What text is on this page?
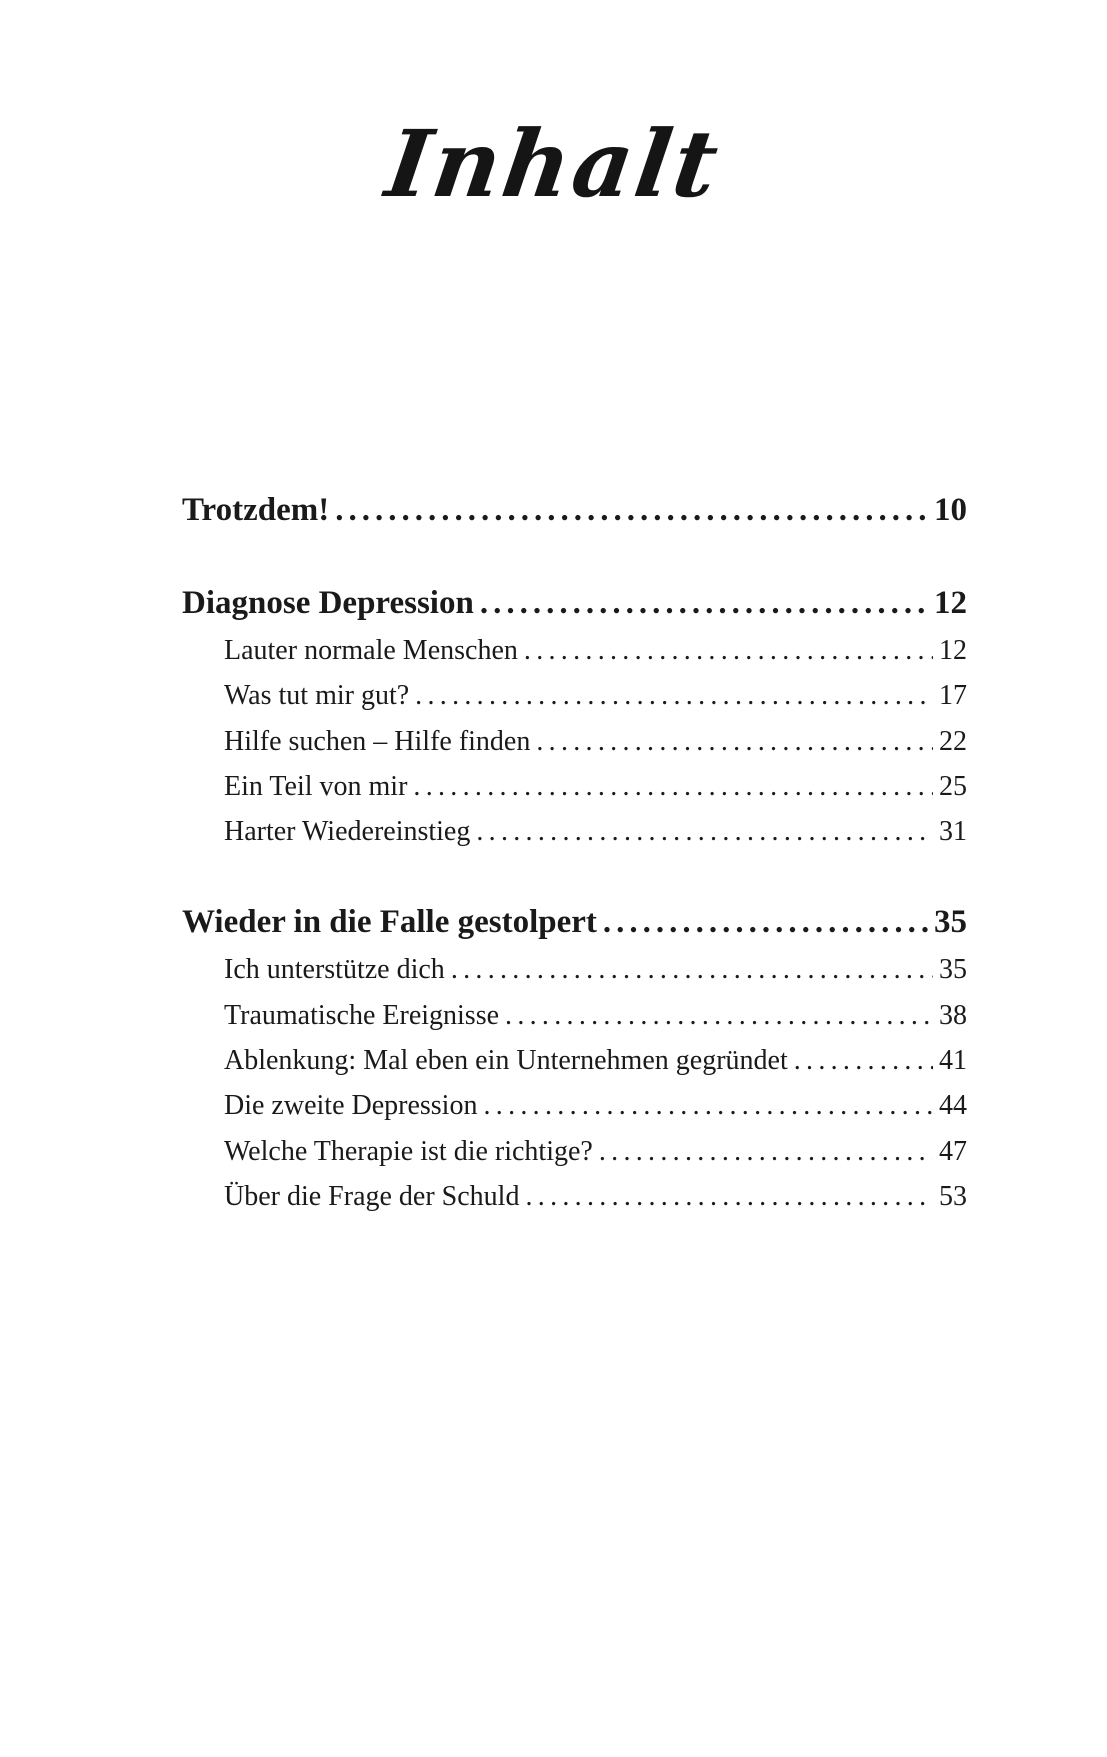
Inhalt
Trotzdem! .....	10
Diagnose Depression .....	12
Lauter normale Menschen .....	12
Was tut mir gut? .....	17
Hilfe suchen – Hilfe finden .....	22
Ein Teil von mir .....	25
Harter Wiedereinstieg .....	31
Wieder in die Falle gestolpert .....	35
Ich unterstütze dich .....	35
Traumatische Ereignisse .....	38
Ablenkung: Mal eben ein Unternehmen gegründet .....	41
Die zweite Depression .....	44
Welche Therapie ist die richtige? .....	47
Über die Frage der Schuld .....	53
